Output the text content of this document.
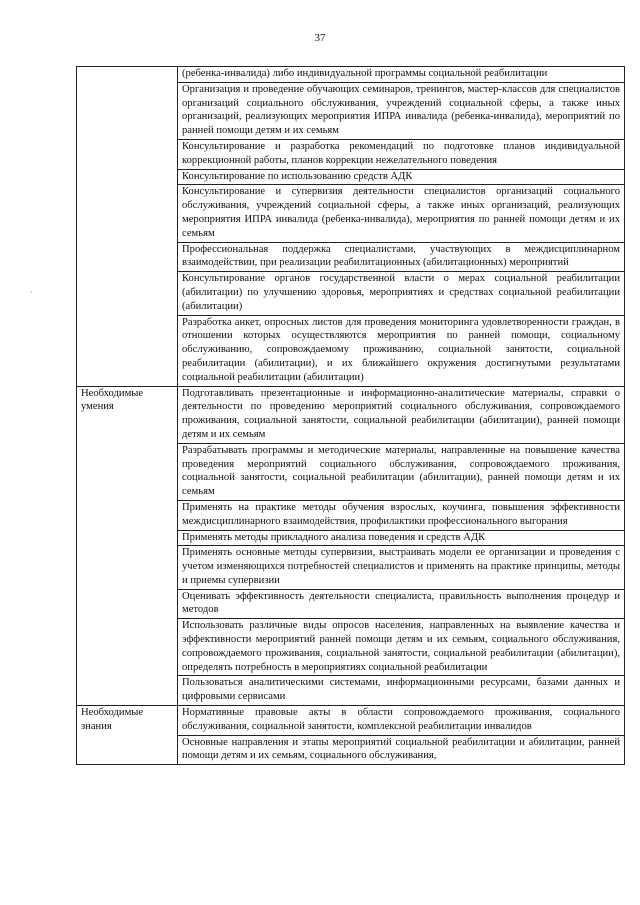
37
·
	(ребенка-инвалида) либо индивидуальной программы социальной реабилитации
	Организация и проведение обучающих семинаров, тренингов, мастер-классов для специалистов организаций социального обслуживания, учреждений социальной сферы, а также иных организаций, реализующих мероприятия ИПРА инвалида (ребенка-инвалида), мероприятий по ранней помощи детям и их семьям
	Консультирование и разработка рекомендаций по подготовке планов индивидуальной коррекционной работы, планов коррекции нежелательного поведения
	Консультирование по использованию средств АДК
	Консультирование и супервизия деятельности специалистов организаций социального обслуживания, учреждений социальной сферы, а также иных организаций, реализующих мероприятия ИПРА инвалида (ребенка-инвалида), мероприятия по ранней помощи детям и их семьям
	Профессиональная поддержка специалистами, участвующих в междисциплинарном взаимодействии, при реализации реабилитационных (абилитационных) мероприятий
	Консультирование органов государственной власти о мерах социальной реабилитации (абилитации) по улучшению здоровья, мероприятиях и средствах социальной реабилитации (абилитации)
	Разработка анкет, опросных листов для проведения мониторинга удовлетворенности граждан, в отношении которых осуществляются мероприятия по ранней помощи, социальному обслуживанию, сопровождаемому проживанию, социальной занятости, социальной реабилитации (абилитации), и их ближайшего окружения достигнутыми результатами социальной реабилитации (абилитации)
Необходимые умения	Подготавливать презентационные и информационно-аналитические материалы, справки о деятельности по проведению мероприятий социального обслуживания, сопровождаемого проживания, социальной занятости, социальной реабилитации (абилитации), ранней помощи детям и их семьям
	Разрабатывать программы и методические материалы, направленные на повышение качества проведения мероприятий социального обслуживания, сопровождаемого проживания, социальной занятости, социальной реабилитации (абилитации), ранней помощи детям и их семьям
	Применять на практике методы обучения взрослых, коучинга, повышения эффективности междисциплинарного взаимодействия, профилактики профессионального выгорания
	Применять методы прикладного анализа поведения и средств АДК
	Применять основные методы супервизии, выстраивать модели ее организации и проведения с учетом изменяющихся потребностей специалистов и применять на практике принципы, методы и приемы супервизии
	Оценивать эффективность деятельности специалиста, правильность выполнения процедур и методов
	Использовать различные виды опросов населения, направленных на выявление качества и эффективности мероприятий ранней помощи детям и их семьям, социального обслуживания, сопровождаемого проживания, социальной занятости, социальной реабилитации (абилитации), определять потребность в мероприятиях социальной реабилитации
	Пользоваться аналитическими системами, информационными ресурсами, базами данных и цифровыми сервисами
Необходимые знания	Нормативные правовые акты в области сопровождаемого проживания, социального обслуживания, социальной занятости, комплексной реабилитации инвалидов
	Основные направления и этапы мероприятий социальной реабилитации и абилитации, ранней помощи детям и их семьям, социального обслуживания,
